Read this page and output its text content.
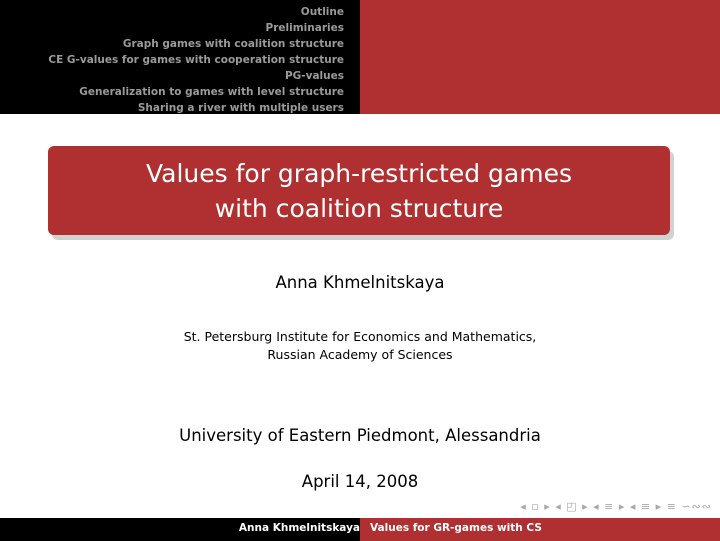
Outline
Preliminaries
Graph games with coalition structure
CE G-values for games with cooperation structure
PG-values
Generalization to games with level structure
Sharing a river with multiple users
Values for graph-restricted games
with coalition structure
Anna Khmelnitskaya
St. Petersburg Institute for Economics and Mathematics,
Russian Academy of Sciences
University of Eastern Piedmont, Alessandria
April 14, 2008
◂ ▫ ▸ ◂ ◰ ▸ ◂ ≡ ▸ ◂ ≡ ▸ ≡ ∽∾∾
Anna Khmelnitskaya Values for GR-games with CS
